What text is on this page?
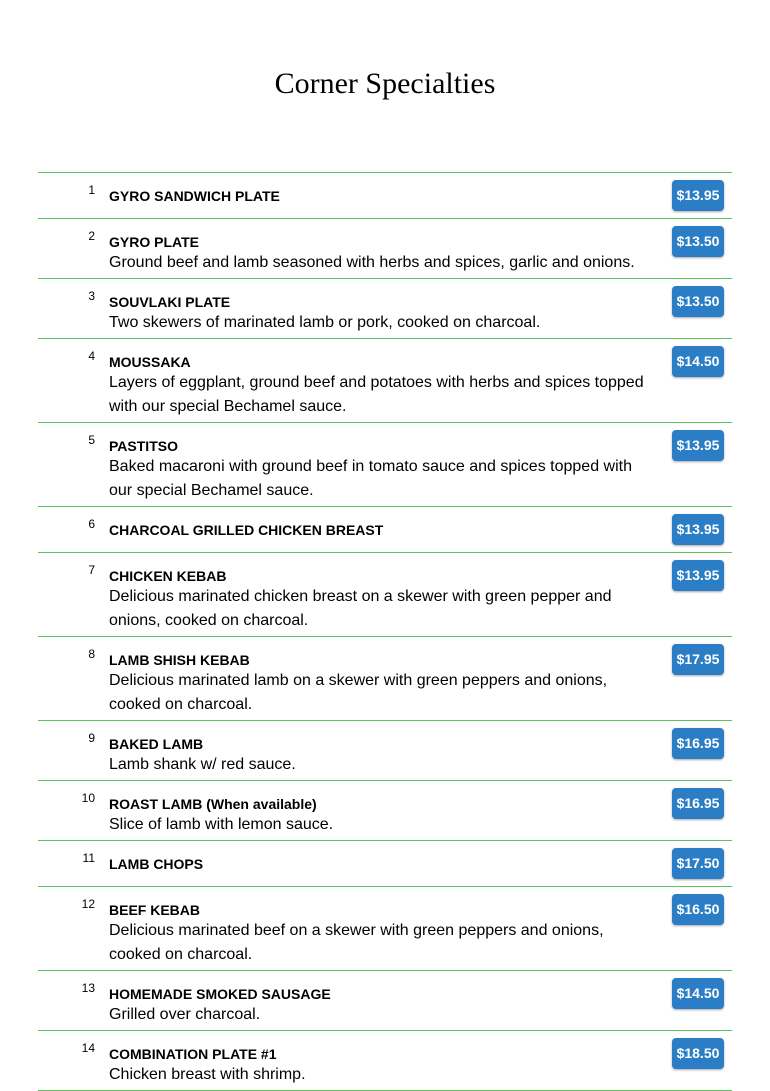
Corner Specialties
1 GYRO SANDWICH PLATE	$13.95
2 GYRO PLATE
Ground beef and lamb seasoned with herbs and spices, garlic and onions.
$13.50
3 SOUVLAKI PLATE
Two skewers of marinated lamb or pork, cooked on charcoal.
$13.50
4 MOUSSAKA
Layers of eggplant, ground beef and potatoes with herbs and spices topped with our special Bechamel sauce.
$14.50
5 PASTITSO
Baked macaroni with ground beef in tomato sauce and spices topped with our special Bechamel sauce.
$13.95
6 CHARCOAL GRILLED CHICKEN BREAST	$13.95
7 CHICKEN KEBAB
Delicious marinated chicken breast on a skewer with green pepper and onions, cooked on charcoal.
$13.95
8 LAMB SHISH KEBAB
Delicious marinated lamb on a skewer with green peppers and onions, cooked on charcoal.
$17.95
9 BAKED LAMB
Lamb shank w/ red sauce.
$16.95
10 ROAST LAMB (When available)
Slice of lamb with lemon sauce.
$16.95
11 LAMB CHOPS	$17.50
12 BEEF KEBAB
Delicious marinated beef on a skewer with green peppers and onions, cooked on charcoal.
$16.50
13 HOMEMADE SMOKED SAUSAGE
Grilled over charcoal.
$14.50
14 COMBINATION PLATE #1
Chicken breast with shrimp.
$18.50
